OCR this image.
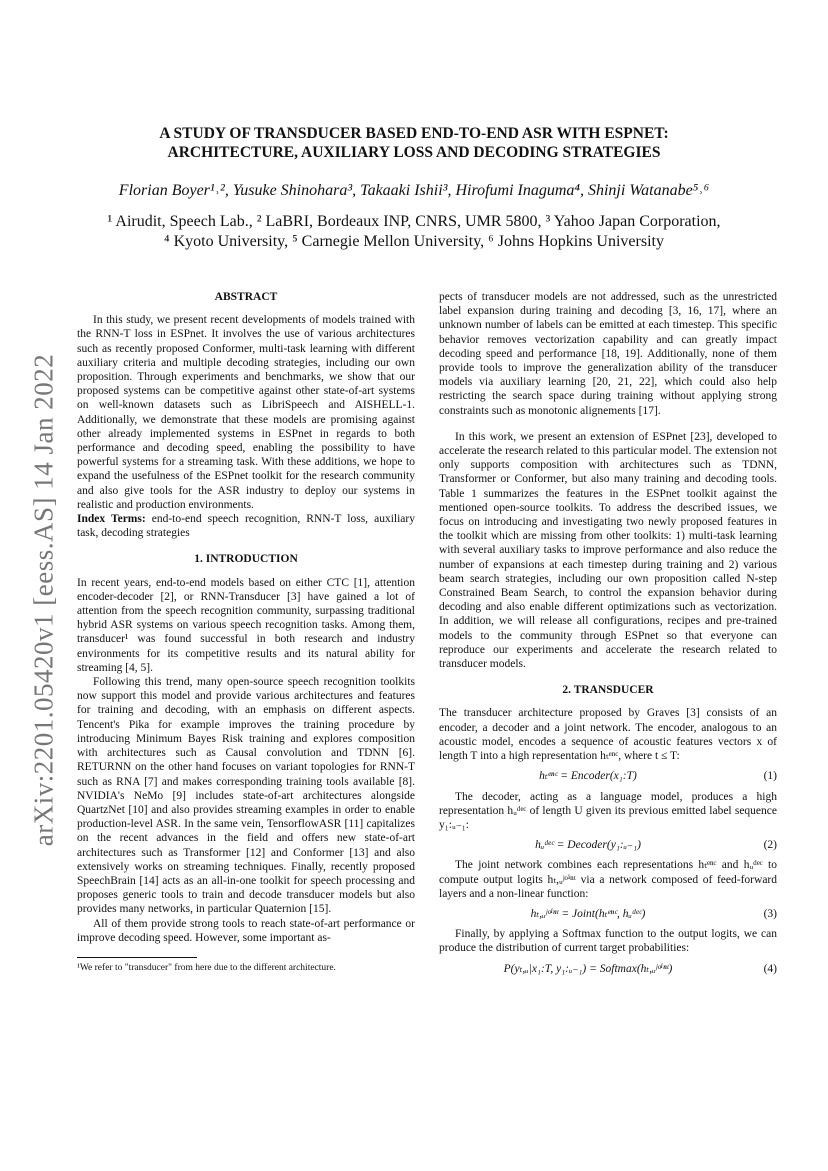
arXiv:2201.05420v1 [eess.AS] 14 Jan 2022

A STUDY OF TRANSDUCER BASED END-TO-END ASR WITH ESPNET:

ARCHITECTURE, AUXILIARY LOSS AND DECODING STRATEGIES

Florian Boyer¹˒², Yusuke Shinohara³, Takaaki Ishii³, Hirofumi Inaguma⁴, Shinji Watanabe⁵˒⁶
¹ Airudit, Speech Lab., ² LaBRI, Bordeaux INP, CNRS, UMR 5800, ³ Yahoo Japan Corporation,
⁴ Kyoto University, ⁵ Carnegie Mellon University, ⁶ Johns Hopkins University

ABSTRACT

In this study, we present recent developments of models trained with the RNN-T loss in ESPnet. It involves the use of various architectures such as recently proposed Conformer, multi-task learning with different auxiliary criteria and multiple decoding strategies, including our own proposition. Through experiments and benchmarks, we show that our proposed systems can be competitive against other state-of-art systems on well-known datasets such as LibriSpeech and AISHELL-1. Additionally, we demonstrate that these models are promising against other already implemented systems in ESPnet in regards to both performance and decoding speed, enabling the possibility to have powerful systems for a streaming task. With these additions, we hope to expand the usefulness of the ESPnet toolkit for the research community and also give tools for the ASR industry to deploy our systems in realistic and production environments.

Index Terms: end-to-end speech recognition, RNN-T loss, auxiliary task, decoding strategies

1. INTRODUCTION

In recent years, end-to-end models based on either CTC [1], attention encoder-decoder [2], or RNN-Transducer [3] have gained a lot of attention from the speech recognition community, surpassing traditional hybrid ASR systems on various speech recognition tasks. Among them, transducer¹ was found successful in both research and industry environments for its competitive results and its natural ability for streaming [4, 5].

Following this trend, many open-source speech recognition toolkits now support this model and provide various architectures and features for training and decoding, with an emphasis on different aspects. Tencent's Pika for example improves the training procedure by introducing Minimum Bayes Risk training and explores composition with architectures such as Causal convolution and TDNN [6]. RETURNN on the other hand focuses on variant topologies for RNN-T such as RNA [7] and makes corresponding training tools available [8]. NVIDIA's NeMo [9] includes state-of-art architectures alongside QuartzNet [10] and also provides streaming examples in order to enable production-level ASR. In the same vein, TensorflowASR [11] capitalizes on the recent advances in the field and offers new state-of-art architectures such as Transformer [12] and Conformer [13] and also extensively works on streaming techniques. Finally, recently proposed SpeechBrain [14] acts as an all-in-one toolkit for speech processing and proposes generic tools to train and decode transducer models but also provides many networks, in particular Quaternion [15].

All of them provide strong tools to reach state-of-art performance or improve decoding speed. However, some important as-

¹We refer to "transducer" from here due to the different architecture.

pects of transducer models are not addressed, such as the unrestricted label expansion during training and decoding [3, 16, 17], where an unknown number of labels can be emitted at each timestep. This specific behavior removes vectorization capability and can greatly impact decoding speed and performance [18, 19]. Additionally, none of them provide tools to improve the generalization ability of the transducer models via auxiliary learning [20, 21, 22], which could also help restricting the search space during training without applying strong constraints such as monotonic alignements [17].

In this work, we present an extension of ESPnet [23], developed to accelerate the research related to this particular model. The extension not only supports composition with architectures such as TDNN, Transformer or Conformer, but also many training and decoding tools. Table 1 summarizes the features in the ESPnet toolkit against the mentioned open-source toolkits. To address the described issues, we focus on introducing and investigating two newly proposed features in the toolkit which are missing from other toolkits: 1) multi-task learning with several auxiliary tasks to improve performance and also reduce the number of expansions at each timestep during training and 2) various beam search strategies, including our own proposition called N-step Constrained Beam Search, to control the expansion behavior during decoding and also enable different optimizations such as vectorization. In addition, we will release all configurations, recipes and pre-trained models to the community through ESPnet so that everyone can reproduce our experiments and accelerate the research related to transducer models.

2. TRANSDUCER

The transducer architecture proposed by Graves [3] consists of an encoder, a decoder and a joint network. The encoder, analogous to an acoustic model, encodes a sequence of acoustic features vectors x of length T into a high representation hₜᵉⁿᶜ, where t ≤ T:

hₜᵉⁿᶜ = Encoder(x₁:T)	(1)

The decoder, acting as a language model, produces a high representation hᵤᵈᵉᶜ of length U given its previous emitted label sequence y₁:ᵤ₋₁:

hᵤᵈᵉᶜ = Decoder(y₁:ᵤ₋₁)	(2)

The joint network combines each representations hₜᵉⁿᶜ and hᵤᵈᵉᶜ to compute output logits hₜ,ᵤʲᵒⁱⁿᵗ via a network composed of feed-forward layers and a non-linear function:

hₜ,ᵤʲᵒⁱⁿᵗ = Joint(hₜᵉⁿᶜ, hᵤᵈᵉᶜ)	(3)

Finally, by applying a Softmax function to the output logits, we can produce the distribution of current target probabilities:

P(yₜ,ᵤ|x₁:T, y₁:ᵤ₋₁) = Softmax(hₜ,ᵤʲᵒⁱⁿᵗ)	(4)
